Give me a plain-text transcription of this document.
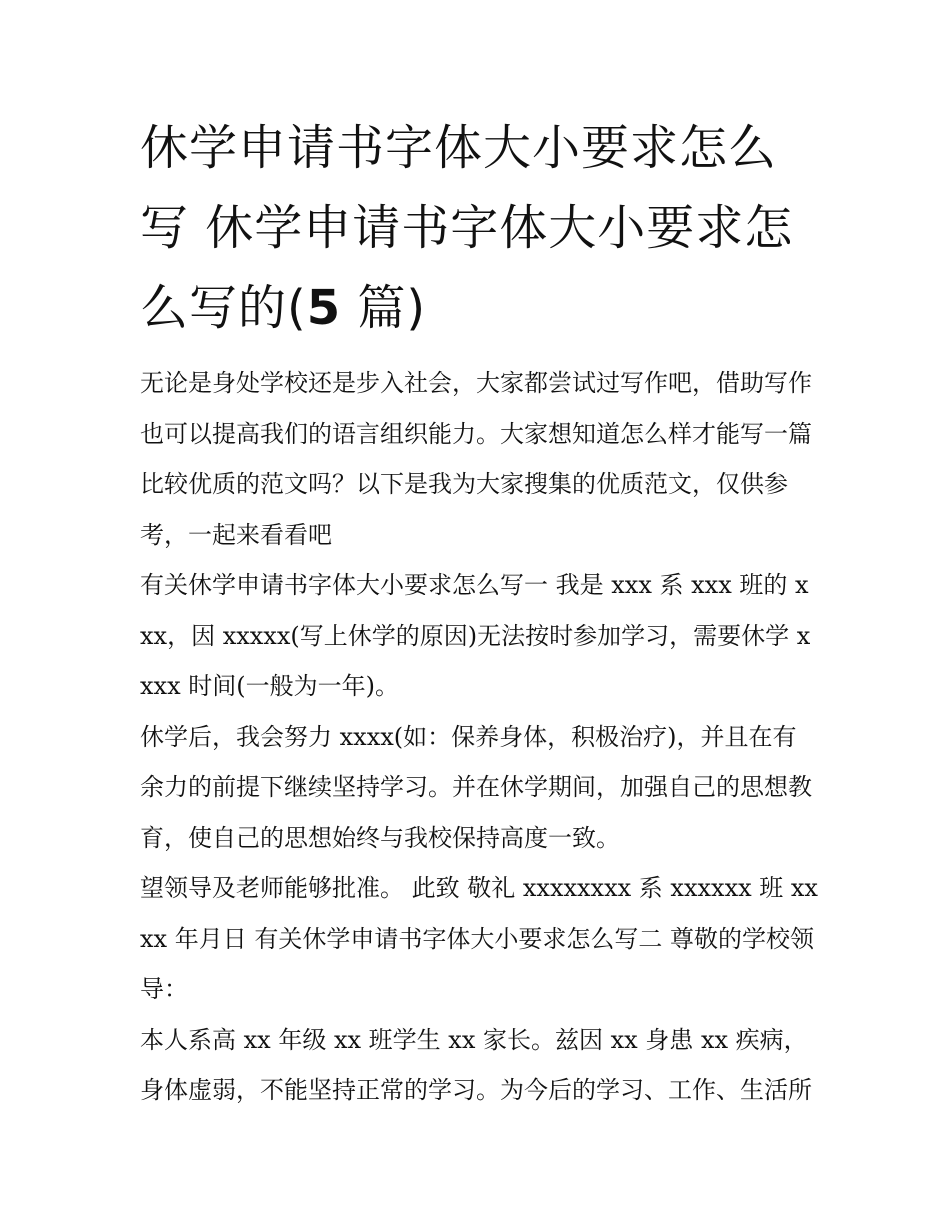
休学申请书字体大小要求怎么写 休学申请书字体大小要求怎么写的(5 篇)

无论是身处学校还是步入社会，大家都尝试过写作吧，借助写作也可以提高我们的语言组织能力。大家想知道怎么样才能写一篇比较优质的范文吗？以下是我为大家搜集的优质范文，仅供参考，一起来看看吧

有关休学申请书字体大小要求怎么写一 我是 xxx 系 xxx 班的 xxx，因 xxxxx(写上休学的原因)无法按时参加学习，需要休学 xxxx 时间(一般为一年)。

休学后，我会努力 xxxx(如：保养身体，积极治疗)，并且在有余力的前提下继续坚持学习。并在休学期间，加强自己的思想教育，使自己的思想始终与我校保持高度一致。

望领导及老师能够批准。 此致 敬礼 xxxxxxxx 系 xxxxxx 班 xxxx 年月日 有关休学申请书字体大小要求怎么写二 尊敬的学校领导：

本人系高 xx 年级 xx 班学生 xx 家长。兹因 xx 身患 xx 疾病，身体虚弱，不能坚持正常的学习。为今后的学习、工作、生活所
